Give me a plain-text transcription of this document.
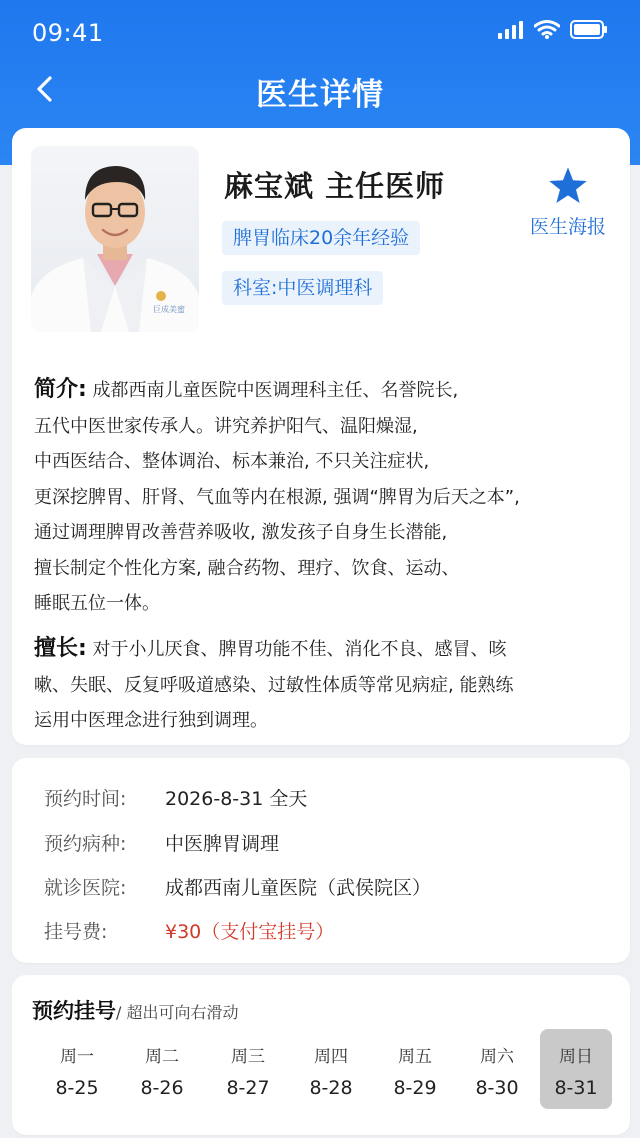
09:41
医生详情
巨成美蜜
麻宝斌 主任医师
脾胃临床20余年经验
科室:中医调理科
医生海报
简介: 成都西南儿童医院中医调理科主任、名誉院长,
五代中医世家传承人。讲究养护阳气、温阳燥湿,
中西医结合、整体调治、标本兼治, 不只关注症状,
更深挖脾胃、肝肾、气血等内在根源, 强调“脾胃为后天之本”,
通过调理脾胃改善营养吸收, 激发孩子自身生长潜能,
擅长制定个性化方案, 融合药物、理疗、饮食、运动、
睡眠五位一体。
擅长: 对于小儿厌食、脾胃功能不佳、消化不良、感冒、咳
嗽、失眠、反复呼吸道感染、过敏性体质等常见病症, 能熟练
运用中医理念进行独到调理。
预约时间:	2026-8-31 全天
预约病种:	中医脾胃调理
就诊医院:	成都西南儿童医院（武侯院区）
挂号费:	¥30（支付宝挂号）
预约挂号/ 超出可向右滑动
周一
8-25
周二
8-26
周三
8-27
周四
8-28
周五
8-29
周六
8-30
周日
8-31
